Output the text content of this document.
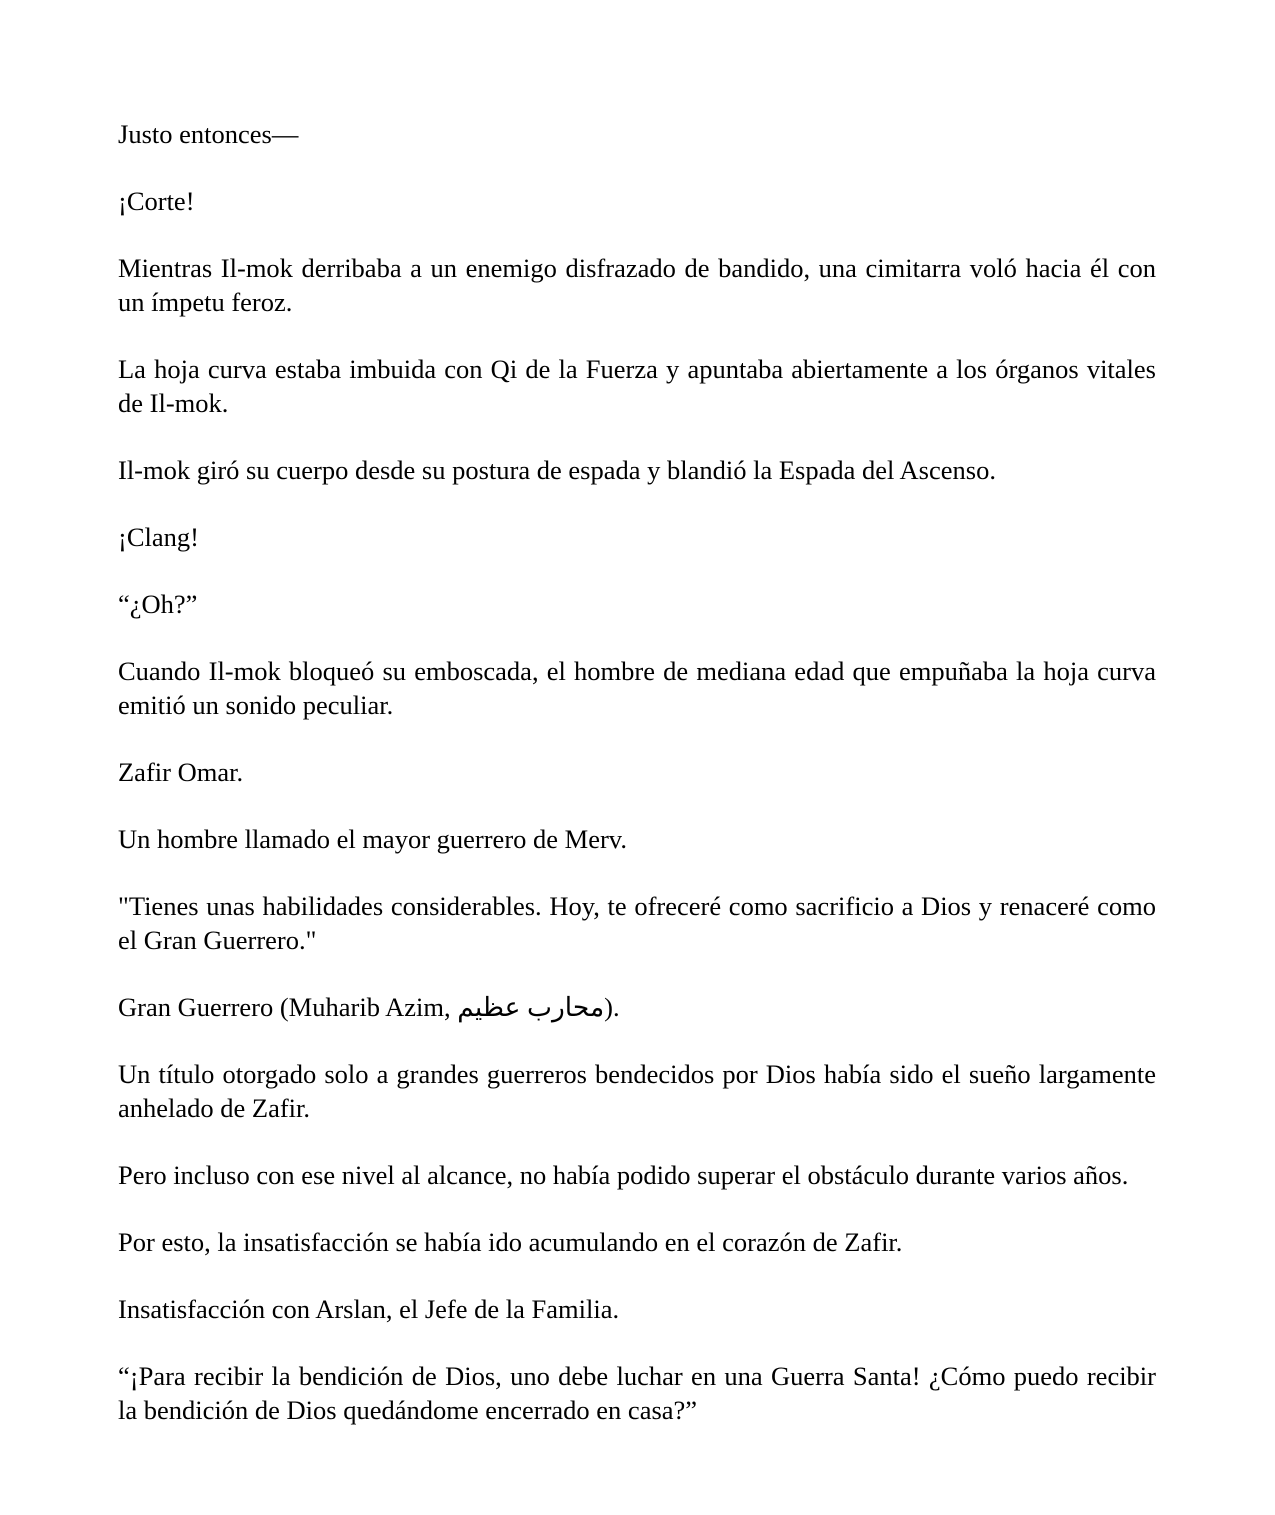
Justo entonces—

¡Corte!

Mientras Il-mok derribaba a un enemigo disfrazado de bandido, una cimitarra voló hacia él con un ímpetu feroz.

La hoja curva estaba imbuida con Qi de la Fuerza y apuntaba abiertamente a los órganos vitales de Il-mok.

Il-mok giró su cuerpo desde su postura de espada y blandió la Espada del Ascenso.

¡Clang!

“¿Oh?”

Cuando Il-mok bloqueó su emboscada, el hombre de mediana edad que empuñaba la hoja curva emitió un sonido peculiar.

Zafir Omar.

Un hombre llamado el mayor guerrero de Merv.

"Tienes unas habilidades considerables. Hoy, te ofreceré como sacrificio a Dios y renaceré como el Gran Guerrero."

Gran Guerrero (Muharib Azim, محارب عظيم).

Un título otorgado solo a grandes guerreros bendecidos por Dios había sido el sueño largamente anhelado de Zafir.

Pero incluso con ese nivel al alcance, no había podido superar el obstáculo durante varios años.

Por esto, la insatisfacción se había ido acumulando en el corazón de Zafir.

Insatisfacción con Arslan, el Jefe de la Familia.

“¡Para recibir la bendición de Dios, uno debe luchar en una Guerra Santa! ¿Cómo puedo recibir la bendición de Dios quedándome encerrado en casa?”
